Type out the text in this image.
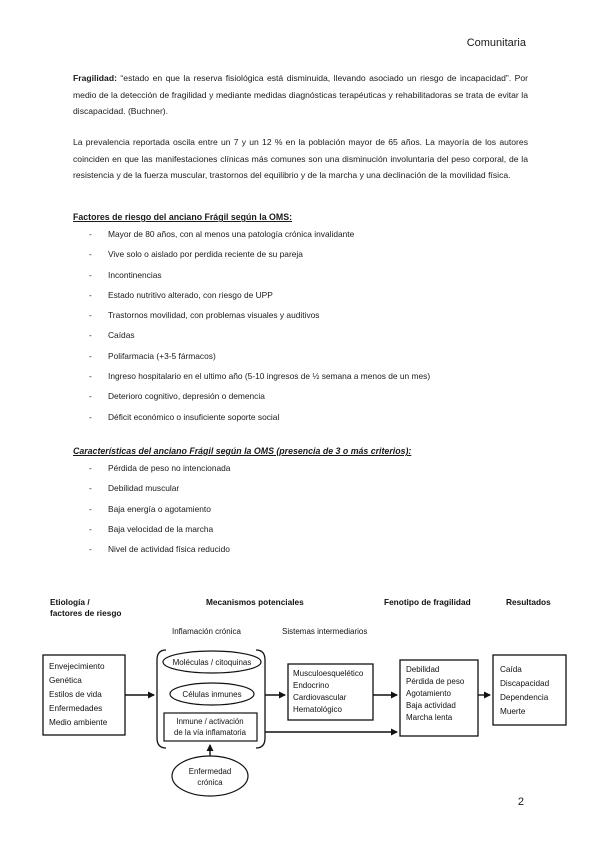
Comunitaria

Fragilidad: “estado en que la reserva fisiológica está disminuida, llevando asociado un riesgo de incapacidad”. Por medio de la detección de fragilidad y mediante medidas diagnósticas terapéuticas y rehabilitadoras se trata de evitar la discapacidad. (Buchner).

La prevalencia reportada oscila entre un 7 y un 12 % en la población mayor de 65 años. La mayoría de los autores coinciden en que las manifestaciones clínicas más comunes son una disminución involuntaria del peso corporal, de la resistencia y de la fuerza muscular, trastornos del equilibrio y de la marcha y una declinación de la movilidad física.

Factores de riesgo del anciano Frágil según la OMS:
- Mayor de 80 años, con al menos una patología crónica invalidante
- Vive solo o aislado por perdida reciente de su pareja
- Incontinencias
- Estado nutritivo alterado, con riesgo de UPP
- Trastornos movilidad, con problemas visuales y auditivos
- Caídas
- Polifarmacia (+3-5 fármacos)
- Ingreso hospitalario en el ultimo año (5-10 ingresos de ½ semana a menos de un mes)
- Deterioro cognitivo, depresión o demencia
- Déficit económico o insuficiente soporte social
Características del anciano Frágil según la OMS (presencia de 3 o más criterios):
- Pérdida de peso no intencionada
- Debilidad muscular
- Baja energía o agotamiento
- Baja velocidad de la marcha
- Nivel de actividad física reducido
Etiología /
factores de riesgo
Mecanismos potenciales	Fenotipo de fragilidad	Resultados
Inflamación crónica	Sistemas intermediarios
Envejecimiento
Genética
Estilos de vida
Enfermedades
Medio ambiente
Moléculas / citoquinas
Células inmunes
Inmune / activación
de la vía inflamatoria
Musculoesquelético
Endocrino
Cardiovascular
Hematológico
Debilidad
Pérdida de peso
Agotamiento
Baja actividad
Marcha lenta
Caída
Discapacidad
Dependencia
Muerte
Enfermedad
crónica
2
